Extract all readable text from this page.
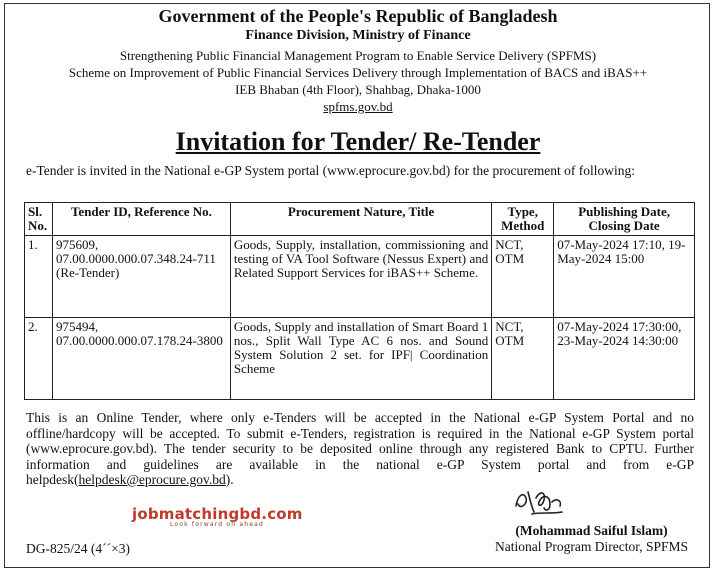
Government of the People's Republic of Bangladesh
Finance Division, Ministry of Finance
Strengthening Public Financial Management Program to Enable Service Delivery (SPFMS)
Scheme on Improvement of Public Financial Services Delivery through Implementation of BACS and iBAS++
IEB Bhaban (4th Floor), Shahbag, Dhaka-1000
spfms.gov.bd
Invitation for Tender/ Re-Tender
e-Tender is invited in the National e-GP System portal (www.eprocure.gov.bd) for the procurement of following:
Sl. No.	Tender ID, Reference No.	Procurement Nature, Title	Type, Method	Publishing Date, Closing Date
1.	975609, 07.00.0000.000.07.348.24-711 (Re-Tender)	Goods, Supply, installation, commissioning and testing of VA Tool Software (Nessus Expert) and Related Support Services for iBAS++ Scheme.	NCT, OTM	07-May-2024 17:10, 19-May-2024 15:00
2.	975494, 07.00.0000.000.07.178.24-3800	Goods, Supply and installation of Smart Board 1 nos., Split Wall Type AC 6 nos. and Sound System Solution 2 set. for IPF| Coordination Scheme	NCT, OTM	07-May-2024 17:30:00, 23-May-2024 14:30:00
This is an Online Tender, where only e-Tenders will be accepted in the National e-GP System Portal and no offline/hardcopy will be accepted. To submit e-Tenders, registration is required in the National e-GP System portal (www.eprocure.gov.bd). The tender security to be deposited online through any registered Bank to CPTU. Further information and guidelines are available in the national e-GP System portal and from e-GP helpdesk(helpdesk@eprocure.gov.bd).
jobmatchingbd.com
Look forward on ahead	(Mohammad Saiful Islam)
National Program Director, SPFMS
DG-825/24 (4´´×3)
